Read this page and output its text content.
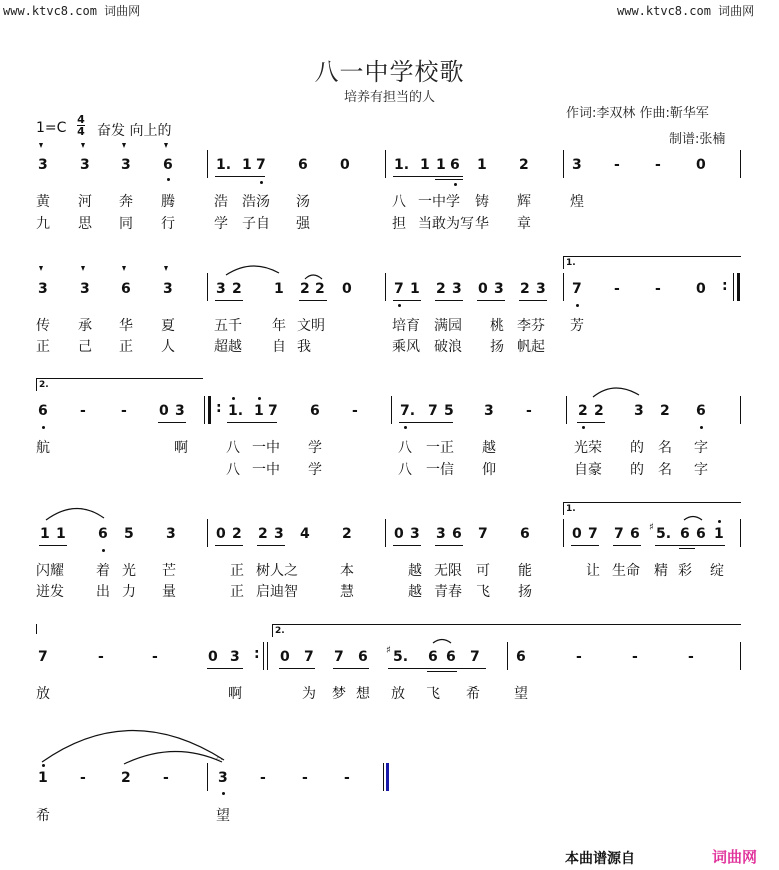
www.ktvc8.com 词曲网	www.ktvc8.com 词曲网
八一中学校歌
培养有担当的人
作词:李双林 作曲:靳华军
制谱:张楠
1=C
4
4 奋发 向上的
3 3 3 6	1. 1 7 6 0	1. 1 1 6 1 2	3 -	-	0
黄 河 奔 腾	浩 浩汤 汤	八 一中学 铸 辉	煌
九 思 同 行	学 子自 强	担 当敢为写 华 章
1.
3 3 6 3	3 2 1 2 2 0	7 1 2 3 0 3 2 3 7 -	-	0 :
传 承 华 夏	五千 年 文明	培育 满园 桃 李芬 芳
正 己 正 人	超越 自 我	乘风 破浪 扬 帆起
2.
6 -	- 0 3 : 1. 1 7 6 -	7. 7 5 3 -	2 2 3 2 6
航	啊	八 一中 学	八 一正 越	光荣 的 名 字
八 一中 学	八 一信 仰	自豪 的 名 字
1.
1 1 6 5 3	0 2 2 3 4 2	0 3 3 6 7 6	0 7 7 6 ♯ 5. 6 6 1
闪耀 着 光 芒	正 树人之	本	越 无限 可 能	让 生命 精 彩 绽
迸发 出 力 量	正 启迪智	慧	越 青春 飞 扬
2.
7	-	-	0 3 : 0 7 7 6 ♯ 5. 6 6 7	6	-	-	-
放	啊	为 梦 想 放 飞 希 望
1 -	2 -	3 -	-	-
𝄐
希	望
本曲谱源自	词曲网
